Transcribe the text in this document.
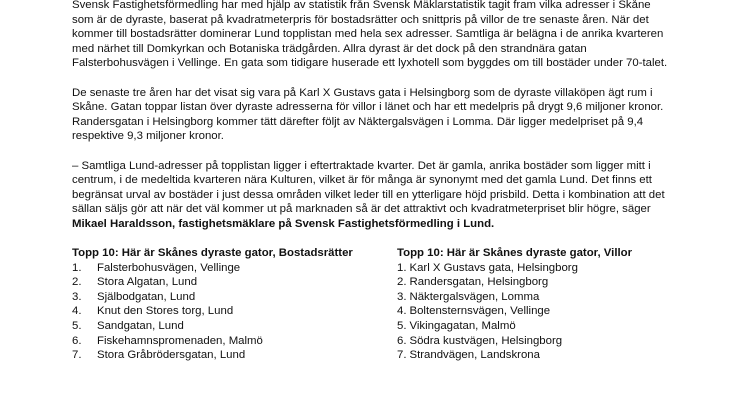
Svensk Fastighetsförmedling har med hjälp av statistik från Svensk Mäklarstatistik tagit fram vilka adresser i Skåne som är de dyraste, baserat på kvadratmeterpris för bostadsrätter och snittpris på villor de tre senaste åren. När det kommer till bostadsrätter dominerar Lund topplistan med hela sex adresser. Samtliga är belägna i de anrika kvarteren med närhet till Domkyrkan och Botaniska trädgården. Allra dyrast är det dock på den strandnära gatan Falsterbohusvägen i Vellinge. En gata som tidigare huserade ett lyxhotell som byggdes om till bostäder under 70-talet.

De senaste tre åren har det visat sig vara på Karl X Gustavs gata i Helsingborg som de dyraste villaköpen ägt rum i Skåne. Gatan toppar listan över dyraste adresserna för villor i länet och har ett medelpris på drygt 9,6 miljoner kronor. Randersgatan i Helsingborg kommer tätt därefter följt av Näktergalsvägen i Lomma. Där ligger medelpriset på 9,4 respektive 9,3 miljoner kronor.

– Samtliga Lund-adresser på topplistan ligger i eftertraktade kvarter. Det är gamla, anrika bostäder som ligger mitt i centrum, i de medeltida kvarteren nära Kulturen, vilket är för många är synonymt med det gamla Lund. Det finns ett begränsat urval av bostäder i just dessa områden vilket leder till en ytterligare höjd prisbild. Detta i kombination att det sällan säljs gör att när det väl kommer ut på marknaden så är det attraktivt och kvadratmeterpriset blir högre, säger Mikael Haraldsson, fastighetsmäklare på Svensk Fastighetsförmedling i Lund.

Topp 10: Här är Skånes dyraste gator, Bostadsrätter

1. Falsterbohusvägen, Vellinge
2. Stora Algatan, Lund
3. Själbodgatan, Lund
4. Knut den Stores torg, Lund
5. Sandgatan, Lund
6. Fiskehamnspromenaden, Malmö
7. Stora Gråbrödersgatan, Lund

Topp 10: Här är Skånes dyraste gator, Villor

1. Karl X Gustavs gata, Helsingborg
2. Randersgatan, Helsingborg
3. Näktergalsvägen, Lomma
4. Boltensternsvägen, Vellinge
5. Vikingagatan, Malmö
6. Södra kustvägen, Helsingborg
7. Strandvägen, Landskrona
